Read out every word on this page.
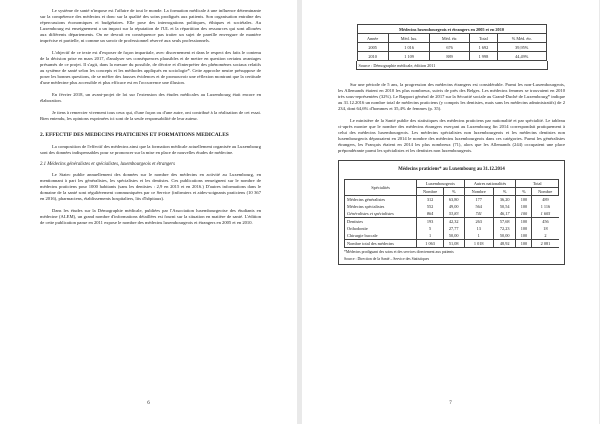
Le système de santé n'impose est l'affaire de tout le monde. La formation médicale à une influence déterminante sur la compétence des médecins et donc sur la qualité des soins prodigués aux patients. Son organisation entraîne des répercussions économiques et budgétaires. Elle pose des interrogations politiques, éthiques et sociétales. Au Luxembourg est enseignement a un impact sur la réputation de l'UL et la répartition des ressources qui sont allouées aux différents départements. On ne devrait en conséquence pas traiter un sujet de pareille envergure de manière imprécise et partielle, ni comme un savoir de professionnel réservé aux seuls professionnels.

L'objectif de ce texte est d'exposer de façon impartiale, avec discernement et dans le respect des faits le contenu de la décision prise en mars 2017, d'analyser ses conséquences plausibles et de mettre en question certains avantages présumés de ce projet. Il s'agit, dans la mesure du possible, de décrire et d'interpréter des phénomènes sociaux relatifs au système de santé selon les concepts et les méthodes appliqués en sociologie*. Cette approche neutre présuppose de poser les bonnes questions, de se méfier des fausses évidences et de promouvoir une réflexion montrant que la certitude d'une médecine plus accessible et plus efficace est en l'occurrence une illusion.

En février 2018, un avant-projet de loi sur l'extension des études médicales au Luxembourg était encore en élaboration.

Je tiens à remercier vivement tous ceux qui, d'une façon ou d'une autre, ont contribué à la réalisation de cet essai. Bien entendu, les opinions exprimées ici sont de la seule responsabilité de leur auteur.

2. EFFECTIF DES MEDECINS PRATICIENS ET FORMATIONS MEDICALES

La composition de l'effectif des médecins ainsi que la formation médicale actuellement organisée au Luxembourg sont des données indispensables pour se prononcer sur la mise en place de nouvelles études de médecine.

2.1 Médecins généralistes et spécialistes, luxembourgeois et étrangers

Le Statec publie annuellement des données sur le nombre des médecins en activité au Luxembourg, en mentionnant à part les généralistes, les spécialistes et les dentistes. Ces publications renseignent sur le nombre de médecins praticiens pour 1000 habitants (sans les dentistes : 2,9 en 2015 et en 2016.) D'autres informations dans le domaine de la santé sont régulièrement communiquées par ce Service (infirmiers et aides-soignants praticiens (10 367 en 2016), pharmaciens, établissements hospitaliers, lits d'hôpitaux).

Dans les études sur la Démographie médicale, publiées par l'Association luxembourgeoise des étudiants en médecine (ALEM), un grand nombre d'informations détaillées est fourni sur la situation en matière de santé. L'édition de cette publication parue en 2011 expose le nombre des médecins luxembourgeois et étrangers en 2005 et en 2010.

6
Médecins luxembourgeois et étrangers en 2005 et en 2010				
Année	Méd. lux.	Méd. étr.	Total	% Méd. étr.
2005	1 016	676	1 692	39,95%
2010	1 109	889	1 998	44,49%
Source : Démographie médicale, édition 2011

Sur une période de 5 ans, la progression des médecins étrangers est considérable. Parmi les non-Luxembourgeois, les Allemands étaient en 2010 les plus nombreux, suivis de près des Belges. Les médecins femmes se trouvaient en 2010 très sous-représentées (32%). Le Rapport général de 2017 sur la Sécurité sociale au Grand-Duché de Luxembourg* indique au 31.12.2016 un nombre total de médecins praticiens (y compris les dentistes, mais sans les médecins administratifs) de 2 234, dont 64,6% d'hommes et 35,4% de femmes (p. 35).

Le ministère de la Santé publie des statistiques des médecins praticiens par nationalité et par spécialité. Le tableau ci-après montre que le nombre des médecins étrangers exerçant au Luxembourg fin 2014 correspondait pratiquement à celui des médecins luxembourgeois. Les médecins spécialistes non luxembourgeois et les médecins dentistes non luxembourgeois dépassaient en 2014 le nombre des médecins luxembourgeois dans ces catégories. Parmi les généralistes étrangers, les Français étaient en 2014 les plus nombreux (71), alors que les Allemands (244) occupaient une place prépondérante parmi les spécialistes et les dentistes non luxembourgeois.

Médecins praticiens* au Luxembourg au 31.12.2014
Spécialités	Luxembourgeois		Autres nationalités		Total	
	Nombre	%	Nombre	%	%	Nombre
Médecins généralistes	312	63,80	177	36,20	100	489
Médecins spécialistes	552	49,00	564	50,54	100	1 116
Généralistes et spécialistes	864	53,83	741	46,17	100	1 605
Dentistes	193	42,32	263	57,68	100	456
Orthodontie	5	27,77	13	72,23	100	18
Chirurgie buccale	1	50,00	1	50,00	100	2
Nombre total des médecins	1 063	51,08	1 018	48,92	100	2 081
*Médecins prodiguant des soins et des services directement aux patients
Source : Direction de la Santé – Service des Statistiques
7
